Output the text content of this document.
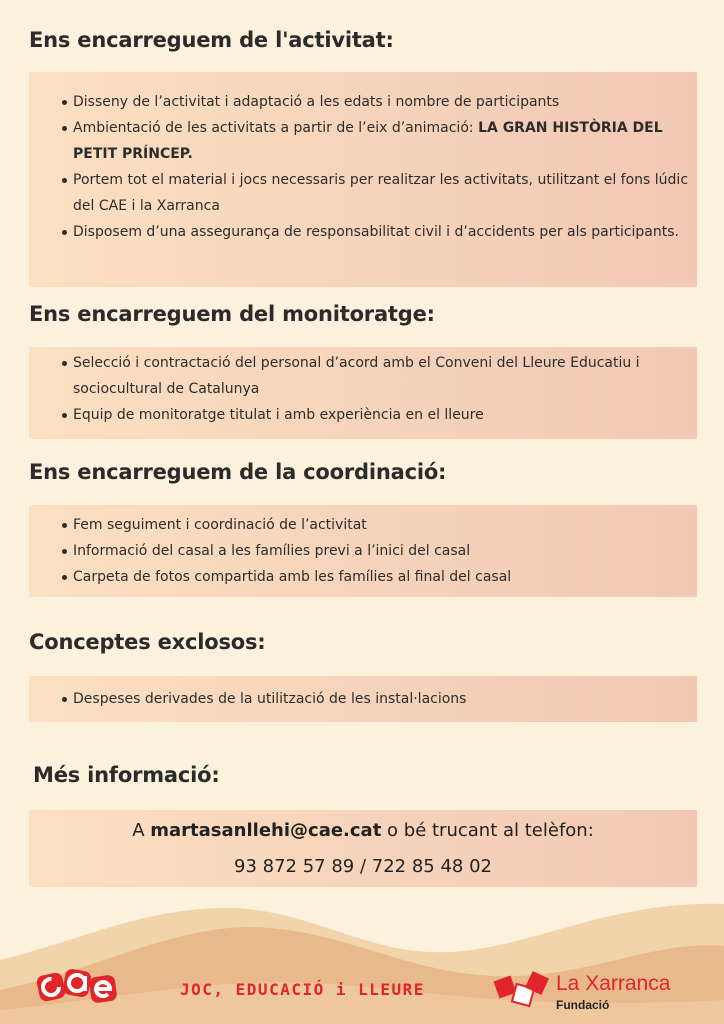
Ens encarreguem de l'activitat:
Disseny de l’activitat i adaptació a les edats i nombre de participants
Ambientació de les activitats a partir de l’eix d’animació: LA GRAN HISTÒRIA DEL PETIT PRÍNCEP.
Portem tot el material i jocs necessaris per realitzar les activitats, utilitzant el fons lúdic del CAE i la Xarranca
Disposem d’una assegurança de responsabilitat civil i d’accidents per als participants.
Ens encarreguem del monitoratge:
Selecció i contractació del personal d’acord amb el Conveni del Lleure Educatiu i sociocultural de Catalunya
Equip de monitoratge titulat i amb experiència en el lleure
Ens encarreguem de la coordinació:
Fem seguiment i coordinació de l’activitat
Informació del casal a les famílies previ a l’inici del casal
Carpeta de fotos compartida amb les famílies al final del casal
Conceptes exclosos:
Despeses derivades de la utilització de les instal·lacions
Més informació:
A martasanllehi@cae.cat o bé trucant al telèfon:
93 872 57 89 / 722 85 48 02
JOC, EDUCACIÓ i LLEURE	La Xarranca
Fundació
